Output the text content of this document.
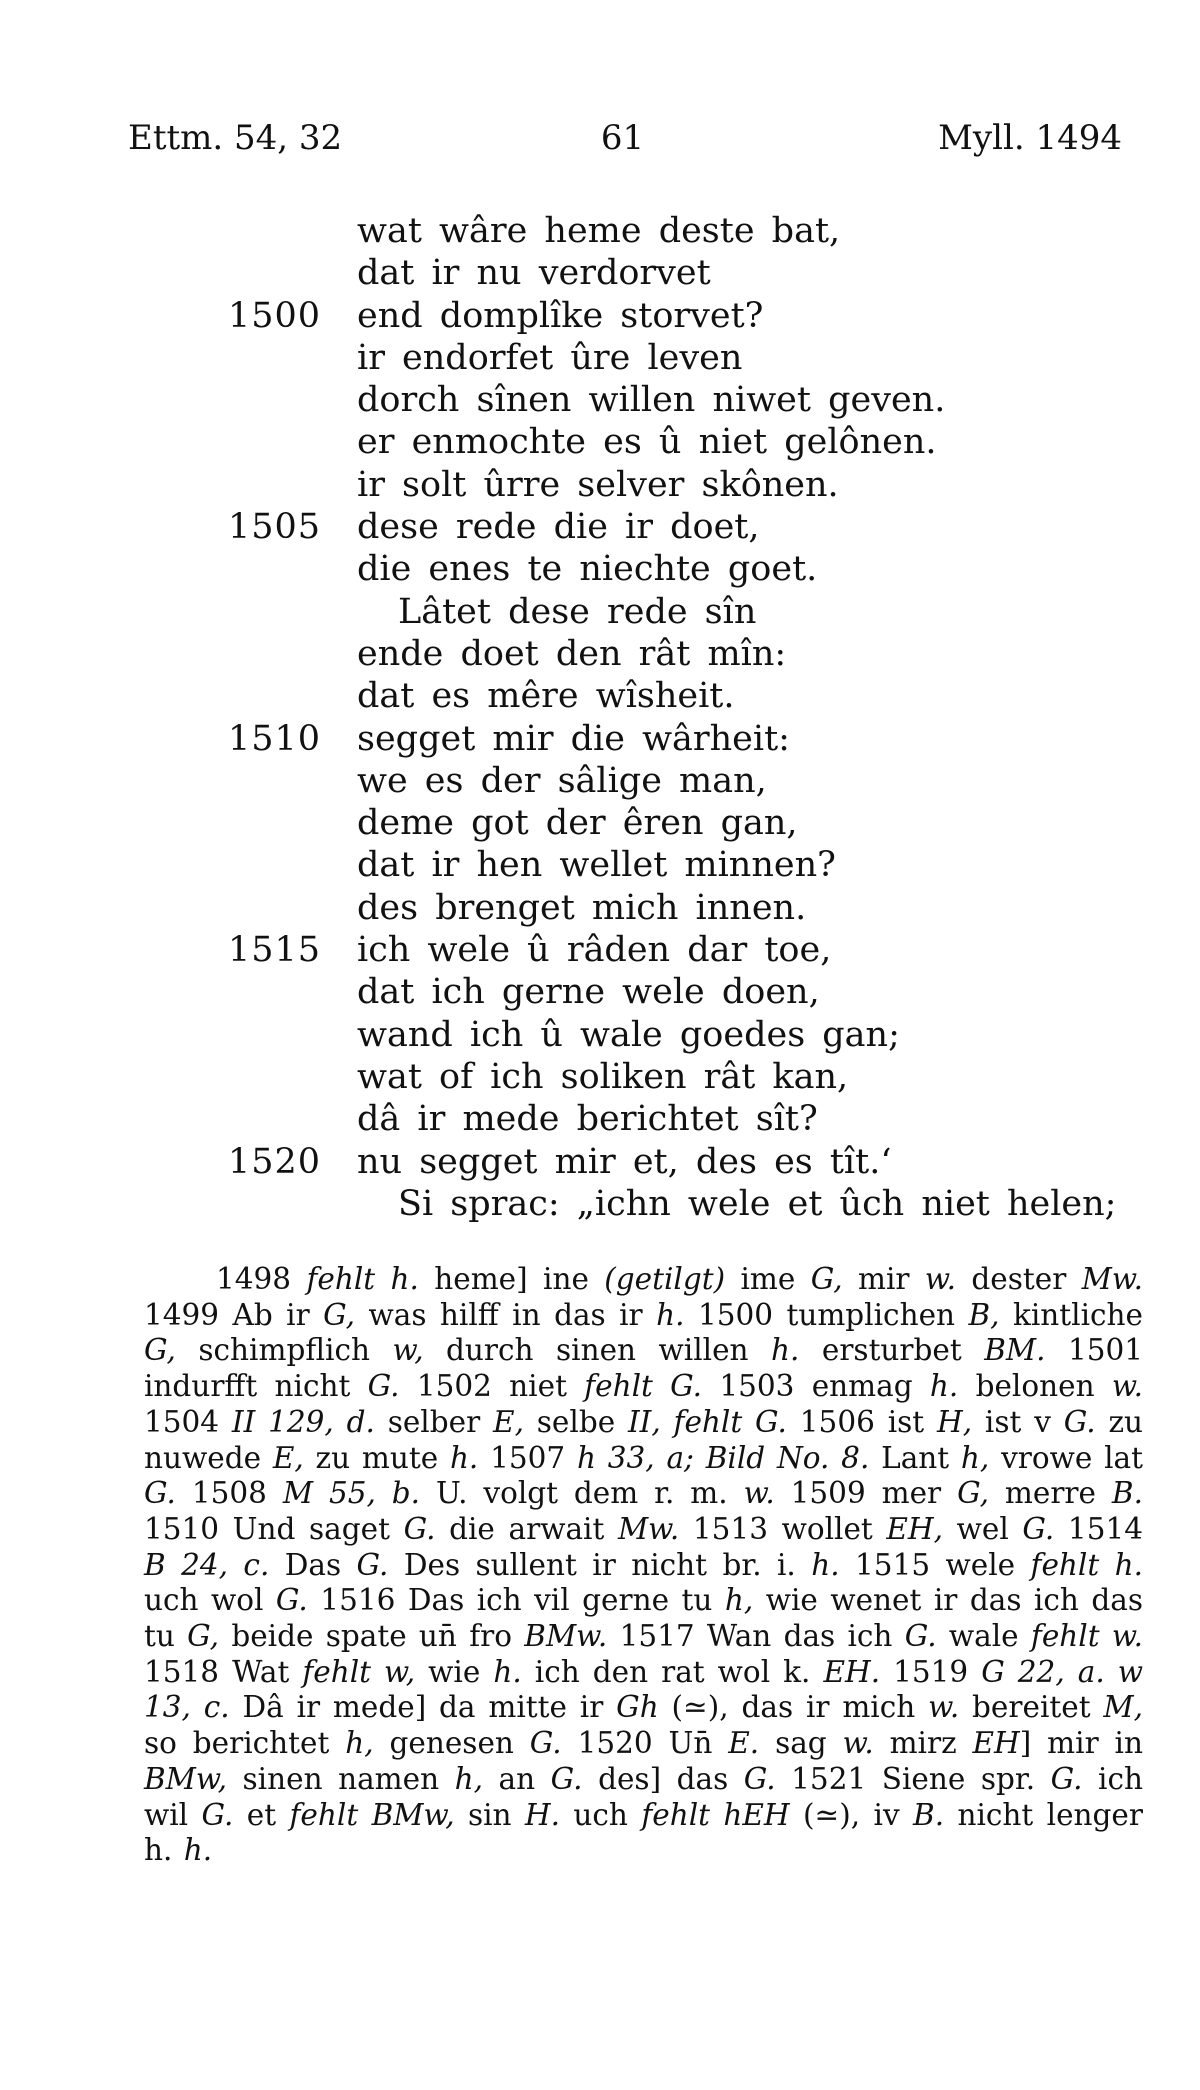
Ettm. 54, 32	61	Myll. 1494
wat wâre heme deste bat,
dat ir nu verdorvet
1500 end domplîke storvet?
ir endorfet ûre leven
dorch sînen willen niwet geven.
er enmochte es û niet gelônen.
ir solt ûrre selver skônen.
1505 dese rede die ir doet,
die enes te niechte goet.
Lâtet dese rede sîn
ende doet den rât mîn:
dat es mêre wîsheit.
1510 segget mir die wârheit:
we es der sâlige man,
deme got der êren gan,
dat ir hen wellet minnen?
des brenget mich innen.
1515 ich wele û râden dar toe,
dat ich gerne wele doen,
wand ich û wale goedes gan;
wat of ich soliken rât kan,
dâ ir mede berichtet sît?
1520 nu segget mir et, des es tît.‘
Si sprac: „ichn wele et ûch niet helen;
1498 fehlt h. heme] ine (getilgt) ime G, mir w. dester Mw. 1499 Ab ir G, was hilff in das ir h. 1500 tumplichen B, kintliche G, schimpflich w, durch sinen willen h. ersturbet BM. 1501 indurfft nicht G. 1502 niet fehlt G. 1503 enmag h. belonen w. 1504 II 129, d. selber E, selbe II, fehlt G. 1506 ist H, ist v G. zu nuwede E, zu mute h. 1507 h 33, a; Bild No. 8. Lant h, vrowe lat G. 1508 M 55, b. U. volgt dem r. m. w. 1509 mer G, merre B. 1510 Und saget G. die arwait Mw. 1513 wollet EH, wel G. 1514 B 24, c. Das G. Des sullent ir nicht br. i. h. 1515 wele fehlt h. uch wol G. 1516 Das ich vil gerne tu h, wie wenet ir das ich das tu G, beide spate un̄ fro BMw. 1517 Wan das ich G. wale fehlt w. 1518 Wat fehlt w, wie h. ich den rat wol k. EH. 1519 G 22, a. w 13, c. Dâ ir mede] da mitte ir Gh (≃), das ir mich w. bereitet M, so berichtet h, genesen G. 1520 Un̄ E. sag w. mirz EH] mir in BMw, sinen namen h, an G. des] das G. 1521 Siene spr. G. ich wil G. et fehlt BMw, sin H. uch fehlt hEH (≃), iv B. nicht lenger h. h.
